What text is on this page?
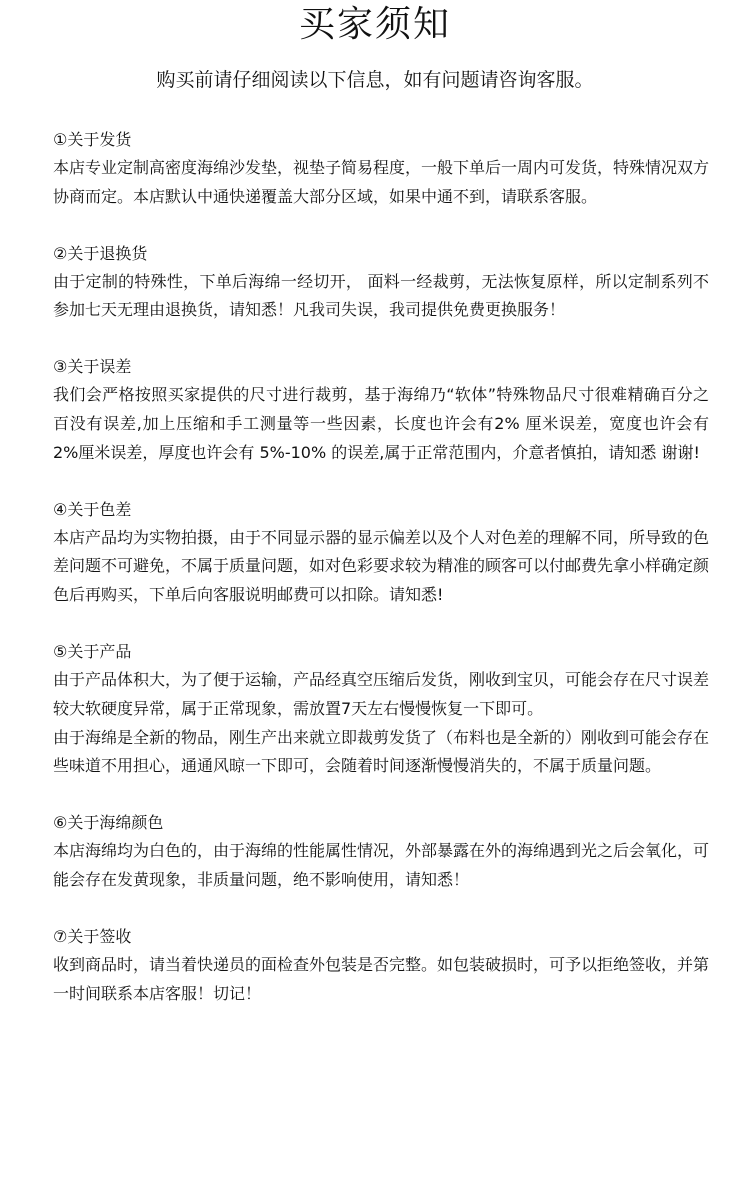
买家须知
购买前请仔细阅读以下信息，如有问题请咨询客服。
①关于发货

本店专业定制高密度海绵沙发垫，视垫子简易程度，一般下单后一周内可发货，特殊情况双方协商而定。本店默认中通快递覆盖大部分区域，如果中通不到，请联系客服。

②关于退换货

由于定制的特殊性，下单后海绵一经切开， 面料一经裁剪，无法恢复原样，所以定制系列不参加七天无理由退换货，请知悉！凡我司失误，我司提供免费更换服务！

③关于误差

我们会严格按照买家提供的尺寸进行裁剪，基于海绵乃“软体”特殊物品尺寸很难精确百分之百没有误差,加上压缩和手工测量等一些因素，长度也许会有2% 厘米误差，宽度也许会有 2%厘米误差，厚度也许会有 5%-10% 的误差,属于正常范围内，介意者慎拍，请知悉 谢谢!

④关于色差

本店产品均为实物拍摄，由于不同显示器的显示偏差以及个人对色差的理解不同，所导致的色差问题不可避免，不属于质量问题，如对色彩要求较为精准的顾客可以付邮费先拿小样确定颜色后再购买，下单后向客服说明邮费可以扣除。请知悉!

⑤关于产品

由于产品体积大，为了便于运输，产品经真空压缩后发货，刚收到宝贝，可能会存在尺寸误差较大软硬度异常，属于正常现象，需放置7天左右慢慢恢复一下即可。

由于海绵是全新的物品，刚生产出来就立即裁剪发货了（布料也是全新的）刚收到可能会存在些味道不用担心，通通风晾一下即可，会随着时间逐渐慢慢消失的，不属于质量问题。

⑥关于海绵颜色

本店海绵均为白色的，由于海绵的性能属性情况，外部暴露在外的海绵遇到光之后会氧化，可能会存在发黄现象，非质量问题，绝不影响使用，请知悉！

⑦关于签收

收到商品时，请当着快递员的面检查外包装是否完整。如包装破损时，可予以拒绝签收，并第一时间联系本店客服！切记！
